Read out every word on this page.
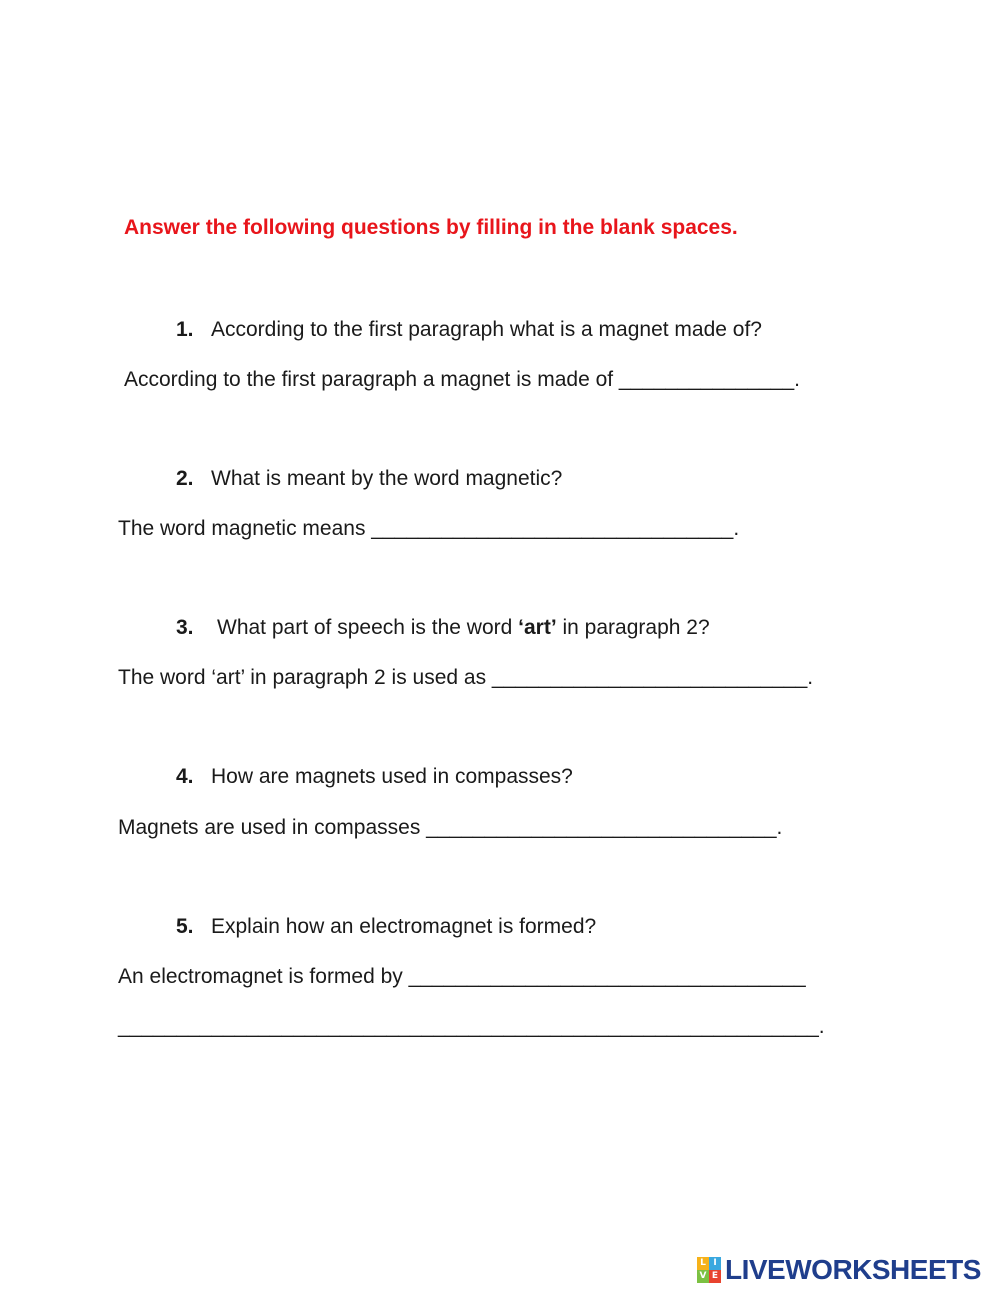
Answer the following questions by filling in the blank spaces.
1. According to the first paragraph what is a magnet made of?
According to the first paragraph a magnet is made of _______________.
2. What is meant by the word magnetic?
The word magnetic means _______________________________.
3. What part of speech is the word ‘art’ in paragraph 2?
The word ‘art’ in paragraph 2 is used as ___________________________.
4. How are magnets used in compasses?
Magnets are used in compasses ______________________________.
5. Explain how an electromagnet is formed?
An electromagnet is formed by __________________________________
____________________________________________________________.
L I
V E LIVEWORKSHEETS
